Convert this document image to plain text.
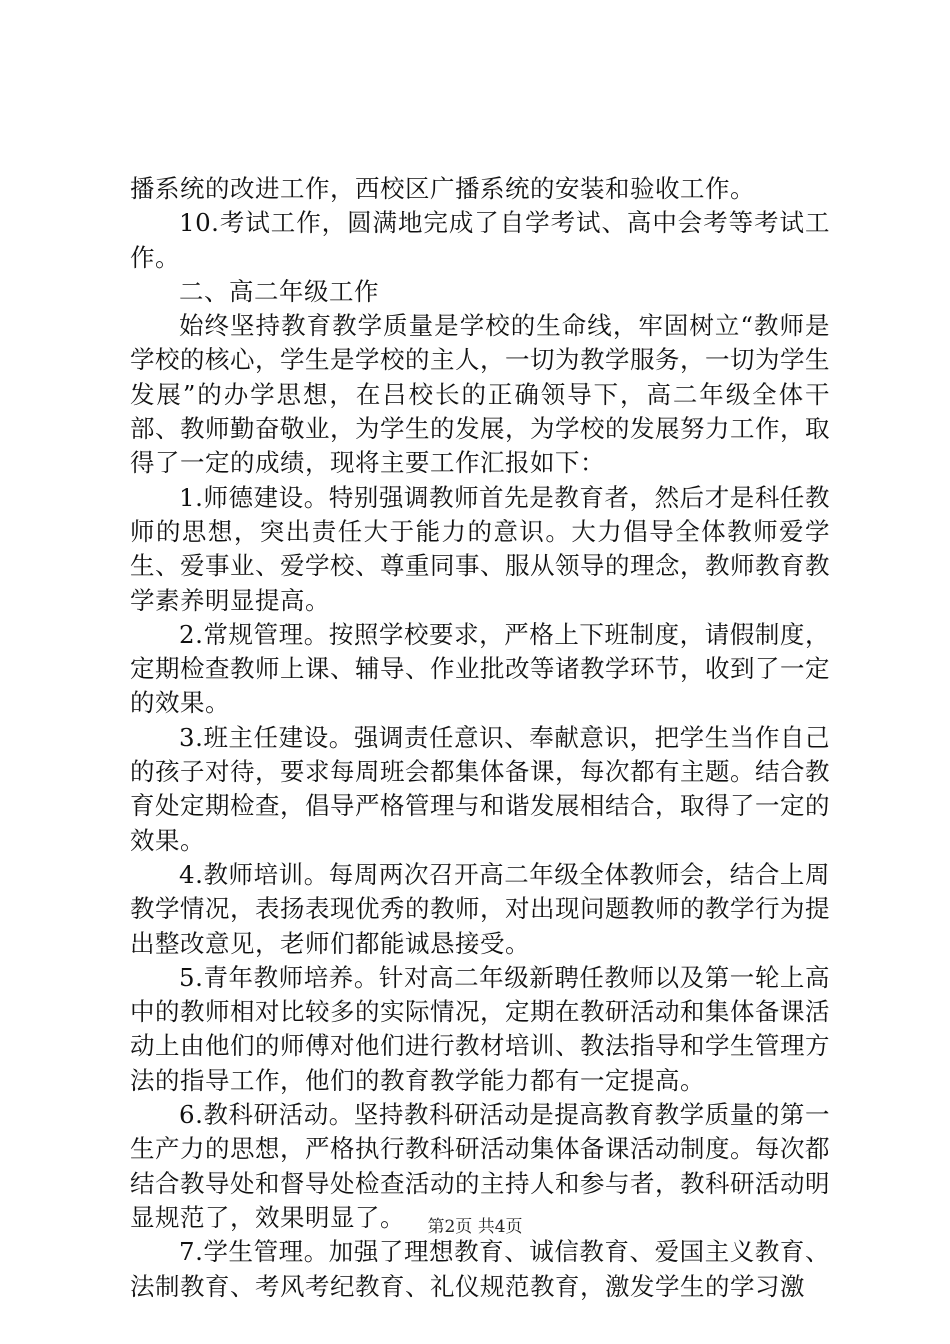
播系统的改进工作，西校区广播系统的安装和验收工作。

10.考试工作，圆满地完成了自学考试、高中会考等考试工作。

二、高二年级工作

始终坚持教育教学质量是学校的生命线，牢固树立“教师是学校的核心，学生是学校的主人，一切为教学服务，一切为学生发展”的办学思想，在吕校长的正确领导下，高二年级全体干部、教师勤奋敬业，为学生的发展，为学校的发展努力工作，取得了一定的成绩，现将主要工作汇报如下：

1.师德建设。特别强调教师首先是教育者，然后才是科任教师的思想，突出责任大于能力的意识。大力倡导全体教师爱学生、爱事业、爱学校、尊重同事、服从领导的理念，教师教育教学素养明显提高。

2.常规管理。按照学校要求，严格上下班制度，请假制度，定期检查教师上课、辅导、作业批改等诸教学环节，收到了一定的效果。

3.班主任建设。强调责任意识、奉献意识，把学生当作自己的孩子对待，要求每周班会都集体备课，每次都有主题。结合教育处定期检查，倡导严格管理与和谐发展相结合，取得了一定的效果。

4.教师培训。每周两次召开高二年级全体教师会，结合上周教学情况，表扬表现优秀的教师，对出现问题教师的教学行为提出整改意见，老师们都能诚恳接受。

5.青年教师培养。针对高二年级新聘任教师以及第一轮上高中的教师相对比较多的实际情况，定期在教研活动和集体备课活动上由他们的师傅对他们进行教材培训、教法指导和学生管理方法的指导工作，他们的教育教学能力都有一定提高。

6.教科研活动。坚持教科研活动是提高教育教学质量的第一生产力的思想，严格执行教科研活动集体备课活动制度。每次都结合教导处和督导处检查活动的主持人和参与者，教科研活动明显规范了，效果明显了。

7.学生管理。加强了理想教育、诚信教育、爱国主义教育、法制教育、考风考纪教育、礼仪规范教育，激发学生的学习激

第2页 共4页
